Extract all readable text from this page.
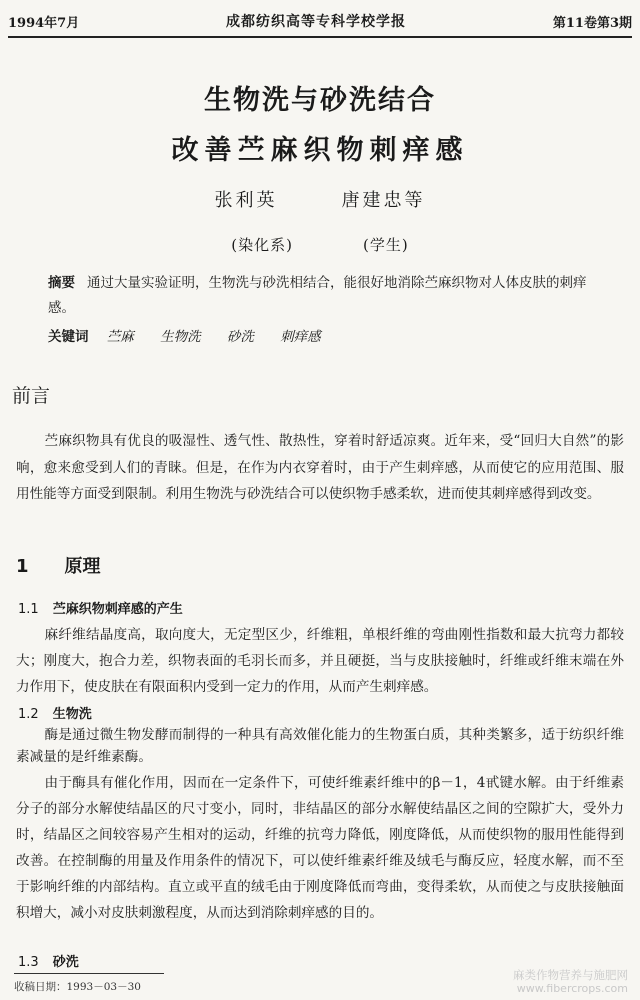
1994年7月	成都纺织高等专科学校学报	第11卷第3期
生物洗与砂洗结合
改善苎麻织物刺痒感
张利英	唐建忠等
(染化系)	(学生)
摘要 通过大量实验证明，生物洗与砂洗相结合，能很好地消除苎麻织物对人体皮肤的刺痒感。
关键词 苎麻 生物洗 砂洗 刺痒感
前言
苎麻织物具有优良的吸湿性、透气性、散热性，穿着时舒适凉爽。近年来，受“回归大自然”的影响，愈来愈受到人们的青睐。但是，在作为内衣穿着时，由于产生刺痒感，从而使它的应用范围、服用性能等方面受到限制。利用生物洗与砂洗结合可以使织物手感柔软，进而使其刺痒感得到改变。
1 原理
1.1 苎麻织物刺痒感的产生
麻纤维结晶度高，取向度大，无定型区少，纤维粗，单根纤维的弯曲刚性指数和最大抗弯力都较大；刚度大，抱合力差，织物表面的毛羽长而多，并且硬挺，当与皮肤接触时，纤维或纤维末端在外力作用下，使皮肤在有限面积内受到一定力的作用，从而产生刺痒感。
1.2 生物洗
酶是通过微生物发酵而制得的一种具有高效催化能力的生物蛋白质，其种类繁多，适于纺织纤维素减量的是纤维素酶。
由于酶具有催化作用，因而在一定条件下，可使纤维素纤维中的β－1，4甙键水解。由于纤维素分子的部分水解使结晶区的尺寸变小，同时，非结晶区的部分水解使结晶区之间的空隙扩大，受外力时，结晶区之间较容易产生相对的运动，纤维的抗弯力降低，刚度降低，从而使织物的服用性能得到改善。在控制酶的用量及作用条件的情况下，可以使纤维素纤维及绒毛与酶反应，轻度水解，而不至于影响纤维的内部结构。直立或平直的绒毛由于刚度降低而弯曲，变得柔软，从而使之与皮肤接触面积增大，减小对皮肤刺激程度，从而达到消除刺痒感的目的。
1.3 砂洗
收稿日期：1993－03－30
麻类作物营养与施肥网
www.fibercrops.com
